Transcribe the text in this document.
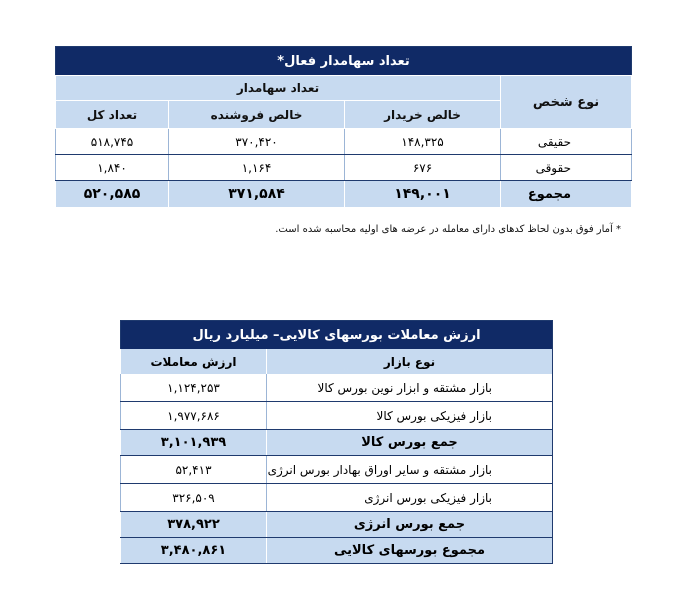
تعداد سهامدار فعال*			
نوع شخص	تعداد سهامدار		
	خالص خریدار	خالص فروشنده	تعداد کل
حقیقی	۱۴۸,۳۲۵	۳۷۰,۴۲۰	۵۱۸,۷۴۵
حقوقی	۶۷۶	۱,۱۶۴	۱,۸۴۰
مجموع	۱۴۹,۰۰۱	۳۷۱,۵۸۴	۵۲۰,۵۸۵
* آمار فوق بدون لحاظ کدهای دارای معامله در عرضه های اولیه محاسبه شده است.
ارزش معاملات بورسهای کالایی– میلیارد ریال	
نوع بازار	ارزش معاملات
بازار مشتقه و ابزار نوین بورس کالا	۱,۱۲۴,۲۵۳
بازار فیزیکی بورس کالا	۱,۹۷۷,۶۸۶
جمع بورس کالا	۳,۱۰۱,۹۳۹
بازار مشتقه و سایر اوراق بهادار بورس انرژی	۵۲,۴۱۳
بازار فیزیکی بورس انرژی	۳۲۶,۵۰۹
جمع بورس انرژی	۳۷۸,۹۲۲
مجموع بورسهای کالایی	۳,۴۸۰,۸۶۱
